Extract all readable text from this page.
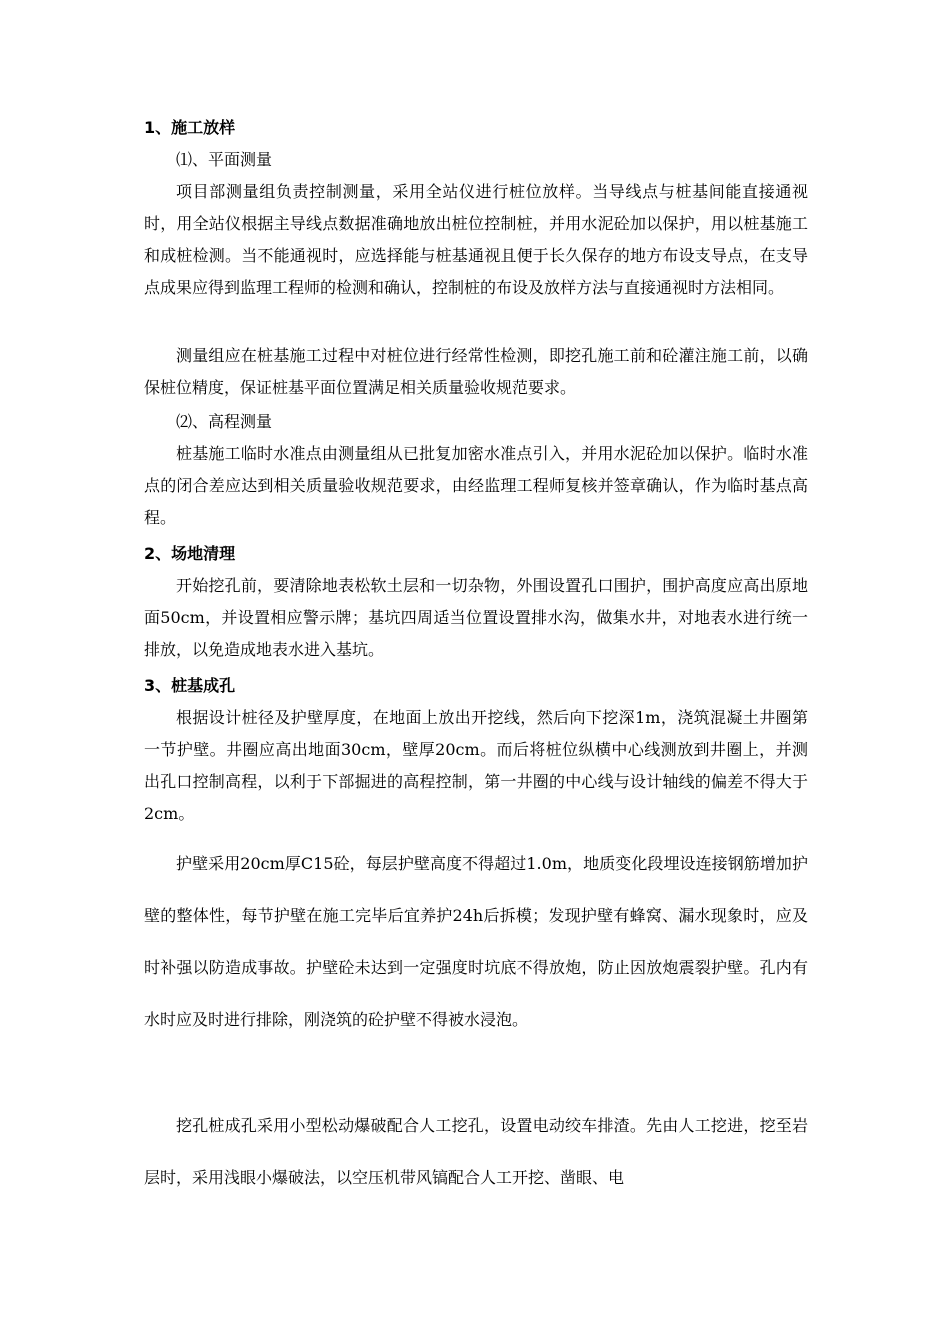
1、施工放样
⑴、平面测量

项目部测量组负责控制测量，采用全站仪进行桩位放样。当导线点与桩基间能直接通视时，用全站仪根据主导线点数据准确地放出桩位控制桩，并用水泥砼加以保护，用以桩基施工和成桩检测。当不能通视时，应选择能与桩基通视且便于长久保存的地方布设支导点，在支导点成果应得到监理工程师的检测和确认，控制桩的布设及放样方法与直接通视时方法相同。

测量组应在桩基施工过程中对桩位进行经常性检测，即挖孔施工前和砼灌注施工前，以确保桩位精度，保证桩基平面位置满足相关质量验收规范要求。

⑵、高程测量

桩基施工临时水准点由测量组从已批复加密水准点引入，并用水泥砼加以保护。临时水准点的闭合差应达到相关质量验收规范要求，由经监理工程师复核并签章确认，作为临时基点高程。

2、场地清理

开始挖孔前，要清除地表松软土层和一切杂物，外围设置孔口围护，围护高度应高出原地面50cm，并设置相应警示牌；基坑四周适当位置设置排水沟，做集水井，对地表水进行统一排放，以免造成地表水进入基坑。

3、桩基成孔

根据设计桩径及护壁厚度，在地面上放出开挖线，然后向下挖深1m，浇筑混凝土井圈第一节护壁。井圈应高出地面30cm，壁厚20cm。而后将桩位纵横中心线测放到井圈上，并测出孔口控制高程，以利于下部掘进的高程控制，第一井圈的中心线与设计轴线的偏差不得大于2cm。

护壁采用20cm厚C15砼，每层护壁高度不得超过1.0m，地质变化段埋设连接钢筋增加护壁的整体性，每节护壁在施工完毕后宜养护24h后拆模；发现护壁有蜂窝、漏水现象时，应及时补强以防造成事故。护壁砼未达到一定强度时坑底不得放炮，防止因放炮震裂护壁。孔内有水时应及时进行排除，刚浇筑的砼护壁不得被水浸泡。

挖孔桩成孔采用小型松动爆破配合人工挖孔，设置电动绞车排渣。先由人工挖进，挖至岩层时，采用浅眼小爆破法，以空压机带风镐配合人工开挖、凿眼、电
